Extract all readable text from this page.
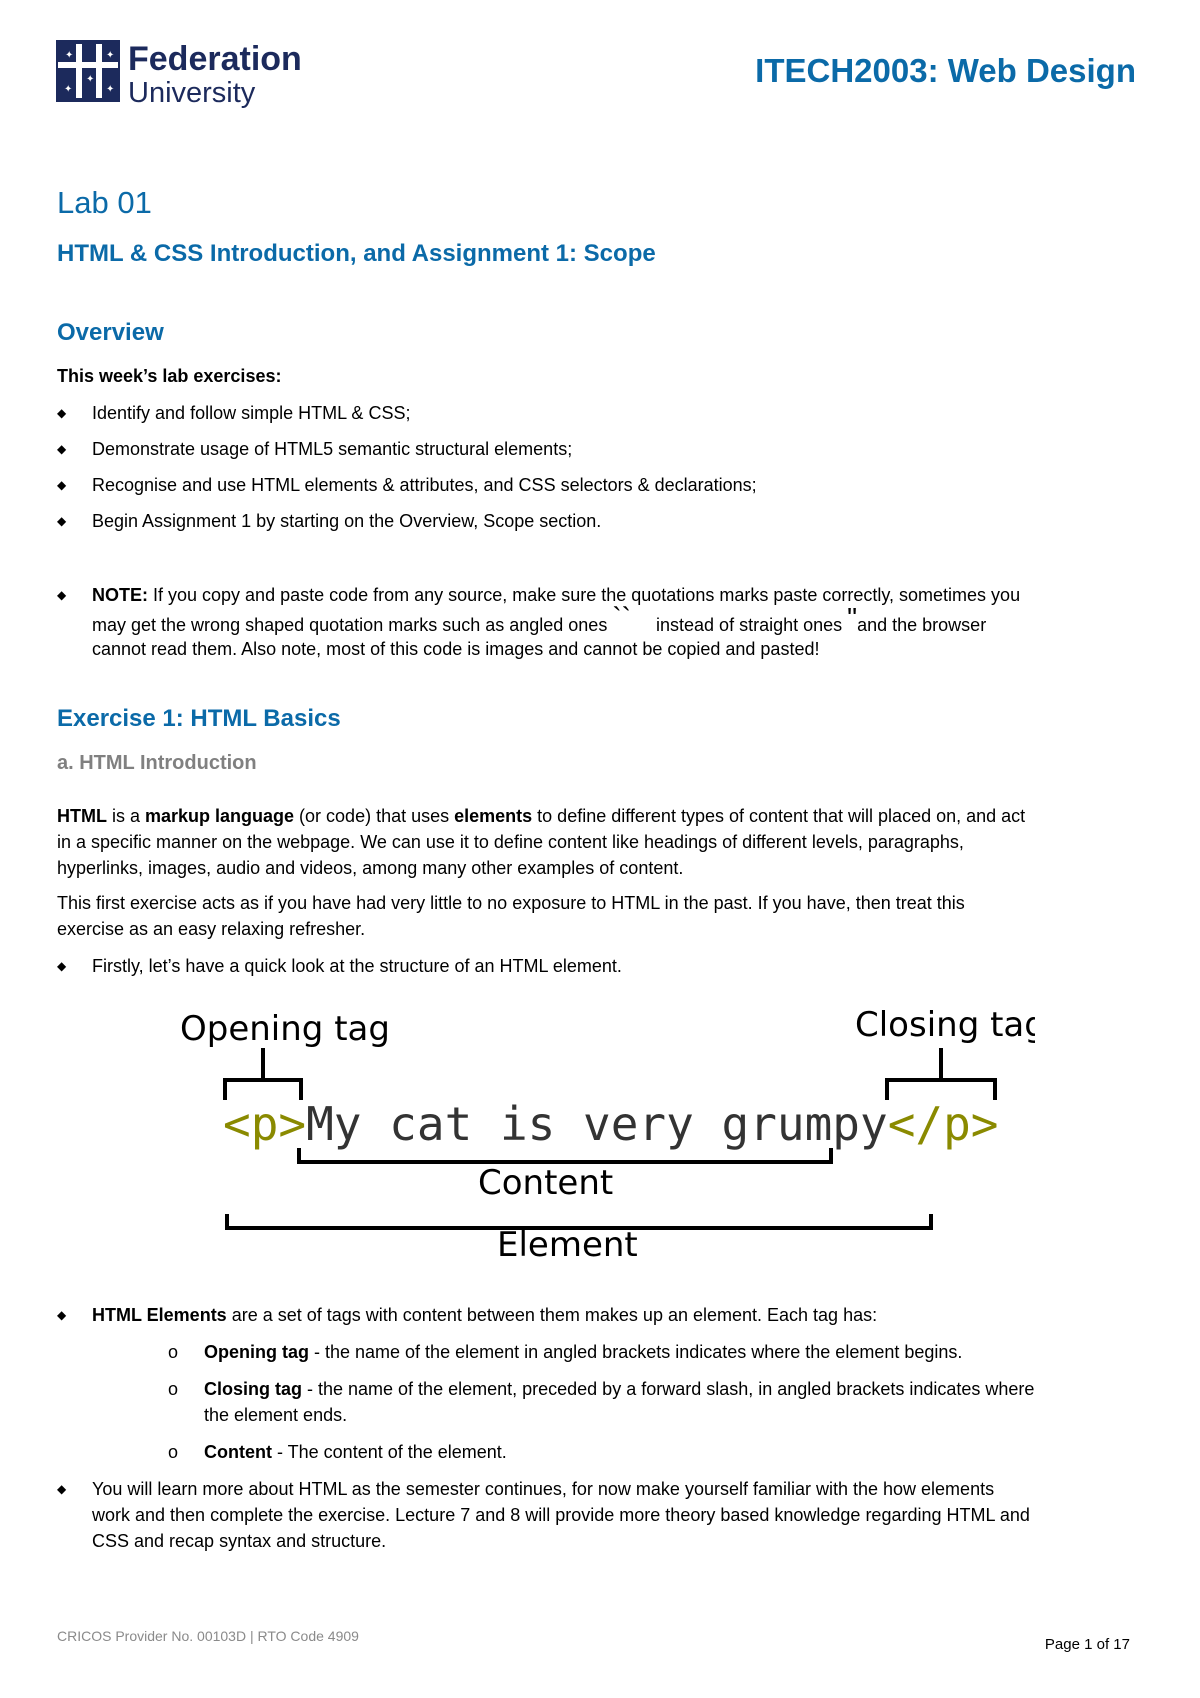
✦
✦
✦
✦	✦
Federation
University
ITECH2003: Web Design
Lab 01
HTML & CSS Introduction, and Assignment 1: Scope
Overview
This week’s lab exercises:
◆ Identify and follow simple HTML & CSS;
◆ Demonstrate usage of HTML5 semantic structural elements;
◆ Recognise and use HTML elements & attributes, and CSS selectors & declarations;
◆ Begin Assignment 1 by starting on the Overview, Scope section.
◆ NOTE: If you copy and paste code from any source, make sure the quotations marks paste correctly, sometimes you
may get the wrong shaped quotation marks such as angled ones `` instead of straight ones "and the browser
cannot read them. Also note, most of this code is images and cannot be copied and pasted!
Exercise 1: HTML Basics
a. HTML Introduction
HTML is a markup language (or code) that uses elements to define different types of content that will placed on, and act
in a specific manner on the webpage. We can use it to define content like headings of different levels, paragraphs,
hyperlinks, images, audio and videos, among many other examples of content.
This first exercise acts as if you have had very little to no exposure to HTML in the past. If you have, then treat this
exercise as an easy relaxing refresher.
◆ Firstly, let’s have a quick look at the structure of an HTML element.
Opening tag	Closing tag
<p>My cat is very grumpy</p>
Content
Element
◆ HTML Elements are a set of tags with content between them makes up an element. Each tag has:
o Opening tag - the name of the element in angled brackets indicates where the element begins.
o Closing tag - the name of the element, preceded by a forward slash, in angled brackets indicates where
the element ends.
o Content - The content of the element.
◆ You will learn more about HTML as the semester continues, for now make yourself familiar with the how elements
work and then complete the exercise. Lecture 7 and 8 will provide more theory based knowledge regarding HTML and
CSS and recap syntax and structure.
CRICOS Provider No. 00103D | RTO Code 4909	Page 1 of 17
